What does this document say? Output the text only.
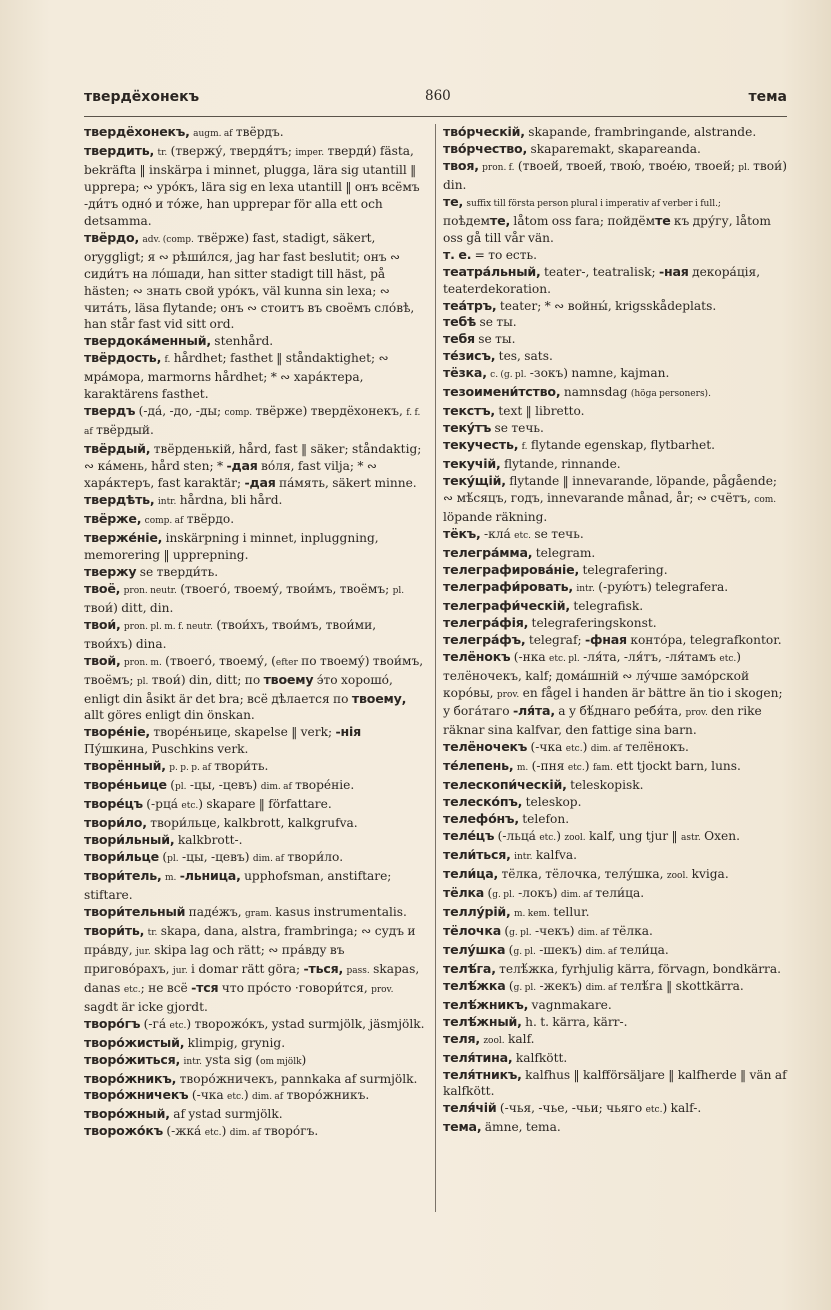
твердёхонекъ	860	тема

твердёхонекъ, augm. af твёрдъ.

твердить, tr. (твержу́, твердя́тъ; imper. тверди́) fästa, bekräfta ‖ inskärpa i minnet, plugga, lära sig utantill ‖ upprepa; ∾ уро́къ, lära sig en lexa utantill ‖ онъ всёмъ -ди́тъ одно́ и то́же, han upprepar för alla ett och detsamma.

твёрдо, adv. (comp. твёрже) fast, stadigt, säkert, oryggligt; я ∾ рѣши́лся, jag har fast beslutit; онъ ∾ сиди́тъ на ло́шади, han sitter stadigt till häst, på hästen; ∾ знать свой уро́къ, väl kunna sin lexa; ∾ чита́ть, läsa flytande; онъ ∾ стоитъ въ своёмъ сло́вѣ, han står fast vid sitt ord.

твердока́менный, stenhård.

твёрдость, f. hårdhet; fasthet ‖ ståndaktighet; ∾ мра́мора, marmorns hårdhet; * ∾ хара́ктера, karaktärens fasthet.

твердъ (-да́, -до, -ды; comp. твёрже) твердёхонекъ, f. f. af твёрдый.

твёрдый, твёрденькій, hård, fast ‖ säker; ståndaktig; ∾ ка́мень, hård sten; * -дая во́ля, fast vilja; * ∾ хара́ктеръ, fast karaktär; -дая па́мять, säkert minne.

твердѣть, intr. hårdna, bli hård.

твёрже, comp. af твёрдо.

тверже́ніе, inskärpning i minnet, inpluggning, memorering ‖ upprepning.

твержу se тверди́ть.

твоё, pron. neutr. (твоего́, твоему́, твои́мъ, твоёмъ; pl. твои́) ditt, din.

твои́, pron. pl. m. f. neutr. (твои́хъ, твои́мъ, твои́ми, твои́хъ) dina.

твой, pron. m. (твоего́, твоему́, (efter по твоему́) твои́мъ, твоёмъ; pl. твои́) din, ditt; по твоему э́то хорошо́, enligt din åsikt är det bra; всё дѣлается по твоему, allt göres enligt din önskan.

творе́ніе, творе́ньице, skapelse ‖ verk; -нія Пу́шкина, Puschkins verk.

творённый, p. p. p. af твори́ть.

творе́ньице (pl. -цы, -цевъ) dim. af творе́ніе.

творе́цъ (-рца́ etc.) skapare ‖ författare.

твори́ло, твори́льце, kalkbrott, kalkgrufva.

твори́льный, kalkbrott-.

твори́льце (pl. -цы, -цевъ) dim. af твори́ло.

твори́тель, m. -льница, upphofsman, anstiftare; stiftare.

твори́тельный паде́жъ, gram. kasus instrumentalis.

твори́ть, tr. skapa, dana, alstra, frambringa; ∾ судъ и пра́вду, jur. skipa lag och rätt; ∾ пра́вду въ пригово́рахъ, jur. i domar rätt göra; -ться, pass. skapas, danas etc.; не всё -тся что про́сто ·говори́тся, prov. sagdt är icke gjordt.

творо́гъ (-га́ etc.) творожо́къ, ystad surmjölk, jäsmjölk.

творо́жистый, klimpig, grynig.

творо́житься, intr. ysta sig (om mjölk)

творо́жникъ, творо́жничекъ, pannkaka af surmjölk.

творо́жничекъ (-чка etc.) dim. af творо́жникъ.

творо́жный, af ystad surmjölk.

творожо́къ (-жка́ etc.) dim. af творо́гъ.

тво́рческій, skapande, frambringande, alstrande.

тво́рчество, skaparemakt, skapareanda.

твоя, pron. f. (твоей́, твоей́, твою́, твое́ю, твоей́; pl. твои́) din.

те, suffix till första person plural i imperativ af verber i full.; поѣдемте, låtom oss fara; пойдёмте къ дру́гу, låtom oss gå till vår vän.

т. е. = то есть.

театра́льный, teater-, teatralisk; -ная декора́ція, teaterdekoration.

теа́тръ, teater; * ∾ войны́, krigsskådeplats.

тебѣ se ты.

тебя se ты.

те́зисъ, tes, sats.

тёзка, c. (g. pl. -зокъ) namne, kajman.

тезоимени́тство, namnsdag (höga personers).

текстъ, text ‖ libretto.

теку́тъ se течь.

текучесть, f. flytande egenskap, flytbarhet.

текучій, flytande, rinnande.

теку́щій, flytande ‖ innevarande, löpande, pågående; ∾ мѣ́сяцъ, годъ, innevarande månad, år; ∾ счётъ, com. löpande räkning.

тёкъ, -кла́ etc. se течь.

телегра́мма, telegram.

телеграфирова́ніе, telegrafering.

телеграфи́ровать, intr. (-рую́тъ) telegrafera.

телеграфи́ческій, telegrafisk.

телегра́фія, telegraferingskonst.

телегра́фъ, telegraf; -фная конто́ра, telegrafkontor.

телёнокъ (-нка etc. pl. -ля́та, -ля́тъ, -ля́тамъ etc.) телёночекъ, kalf; дома́шній ∾ лу́чше замо́рской коро́вы, prov. en fågel i handen är bättre än tio i skogen; у бога́таго -ля́та, а у бѣ́днаго ребя́та, prov. den rike räknar sina kalfvar, den fattige sina barn.

телёночекъ (-чка etc.) dim. af телёнокъ.

те́лепень, m. (-пня etc.) fam. ett tjockt barn, luns.

телескопи́ческій, teleskopisk.

телеско́пъ, teleskop.

телефо́нъ, telefon.

теле́цъ (-льца́ etc.) zool. kalf, ung tjur ‖ astr. Oxen.

тели́ться, intr. kalfva.

тели́ца, тёлка, тёлочка, телу́шка, zool. kviga.

тёлка (g. pl. -локъ) dim. af тели́ца.

теллу́рій, m. kem. tellur.

тёлочка (g. pl. -чекъ) dim. af тёлка.

телу́шка (g. pl. -шекъ) dim. af тели́ца.

телѣ́га, телѣ́жка, fyrhjulig kärra, förvagn, bondkärra.

телѣ́жка (g. pl. -жекъ) dim. af телѣ́га ‖ skottkärra.

телѣ́жникъ, vagnmakare.

телѣ́жный, h. t. kärra, kärr-.

теля, zool. kalf.

теля́тина, kalfkött.

теля́тникъ, kalfhus ‖ kalfförsäljare ‖ kalfherde ‖ vän af kalfkött.

теля́чій (-чья, -чье, -чьи; чьяго etc.) kalf-.

тема, ämne, tema.
